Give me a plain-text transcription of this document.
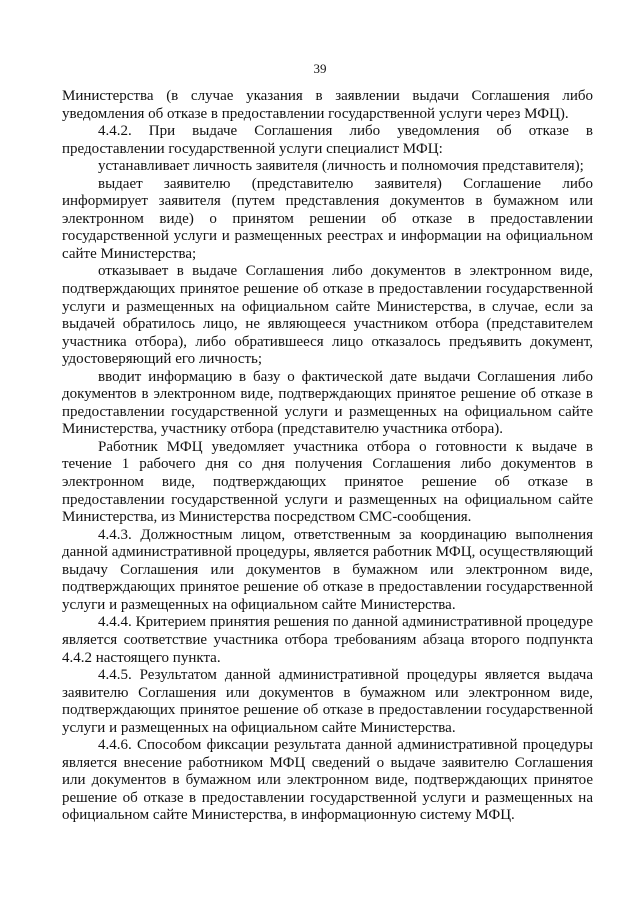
39

Министерства (в случае указания в заявлении выдачи Соглашения либо уведомления об отказе в предоставлении государственной услуги через МФЦ).

4.4.2. При выдаче Соглашения либо уведомления об отказе в предоставлении государственной услуги специалист МФЦ:

устанавливает личность заявителя (личность и полномочия представителя);

выдает заявителю (представителю заявителя) Соглашение либо информирует заявителя (путем представления документов в бумажном или электронном виде) о принятом решении об отказе в предоставлении государственной услуги и размещенных реестрах и информации на официальном сайте Министерства;

отказывает в выдаче Соглашения либо документов в электронном виде, подтверждающих принятое решение об отказе в предоставлении государственной услуги и размещенных на официальном сайте Министерства, в случае, если за выдачей обратилось лицо, не являющееся участником отбора (представителем участника отбора), либо обратившееся лицо отказалось предъявить документ, удостоверяющий его личность;

вводит информацию в базу о фактической дате выдачи Соглашения либо документов в электронном виде, подтверждающих принятое решение об отказе в предоставлении государственной услуги и размещенных на официальном сайте Министерства, участнику отбора (представителю участника отбора).

Работник МФЦ уведомляет участника отбора о готовности к выдаче в течение 1 рабочего дня со дня получения Соглашения либо документов в электронном виде, подтверждающих принятое решение об отказе в предоставлении государственной услуги и размещенных на официальном сайте Министерства, из Министерства посредством СМС-сообщения.

4.4.3. Должностным лицом, ответственным за координацию выполнения данной административной процедуры, является работник МФЦ, осуществляющий выдачу Соглашения или документов в бумажном или электронном виде, подтверждающих принятое решение об отказе в предоставлении государственной услуги и размещенных на официальном сайте Министерства.

4.4.4. Критерием принятия решения по данной административной процедуре является соответствие участника отбора требованиям абзаца второго подпункта 4.4.2 настоящего пункта.

4.4.5. Результатом данной административной процедуры является выдача заявителю Соглашения или документов в бумажном или электронном виде, подтверждающих принятое решение об отказе в предоставлении государственной услуги и размещенных на официальном сайте Министерства.

4.4.6. Способом фиксации результата данной административной процедуры является внесение работником МФЦ сведений о выдаче заявителю Соглашения или документов в бумажном или электронном виде, подтверждающих принятое решение об отказе в предоставлении государственной услуги и размещенных на официальном сайте Министерства, в информационную систему МФЦ.
